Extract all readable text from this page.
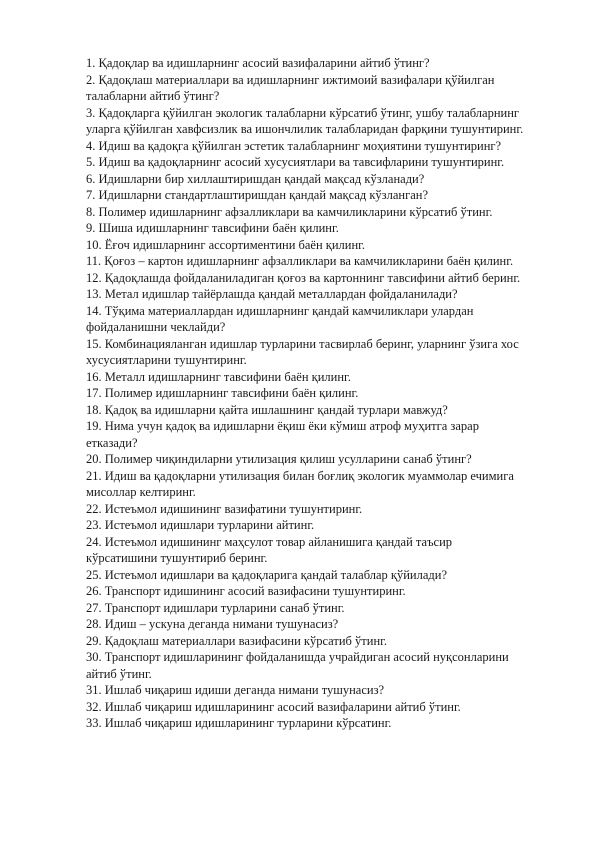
1. Қадоқлар ва идишларнинг асосий вазифаларини айтиб ўтинг?
2. Қадоқлаш материаллари ва идишларнинг ижтимоий вазифалари қўйилган талабларни айтиб ўтинг?
3. Қадоқларга қўйилган экологик талабларни кўрсатиб ўтинг, ушбу талабларнинг уларга қўйилган хавфсизлик ва ишончлилик талабларидан фарқини тушунтиринг.
4. Идиш ва қадоқга қўйилган эстетик талабларнинг моҳиятини тушунтиринг?
5. Идиш ва қадоқларнинг асосий хусусиятлари ва тавсифларини тушунтиринг.
6. Идишларни бир хиллаштиришдан қандай мақсад кўзланади?
7. Идишларни стандартлаштиришдан қандай мақсад кўзланган?
8. Полимер идишларнинг афзалликлари ва камчиликларини кўрсатиб ўтинг.
9. Шиша идишларнинг тавсифини баён қилинг.
10. Ёғоч идишларнинг ассортиментини баён қилинг.
11. Қоғоз – картон идишларнинг афзалликлари ва камчиликларини баён қилинг.
12. Қадоқлашда фойдаланиладиган қоғоз ва картоннинг тавсифини айтиб беринг.
13. Метал идишлар тайёрлашда қандай металлардан фойдаланилади?
14. Тўқима материаллардан идишларнинг қандай камчиликлари улардан фойдаланишни чеклайди?
15. Комбинацияланган идишлар турларини тасвирлаб беринг, уларнинг ўзига хос хусусиятларини тушунтиринг.
16. Металл идишларнинг тавсифини баён қилинг.
17. Полимер идишларнинг тавсифини баён қилинг.
18. Қадоқ ва идишларни қайта ишлашнинг қандай турлари мавжуд?
19. Нима учун қадоқ ва идишларни ёқиш ёки кўмиш атроф муҳитга зарар етказади?
20. Полимер чиқиндиларни утилизация қилиш усулларини санаб ўтинг?
21. Идиш ва қадоқларни утилизация билан боғлиқ экологик муаммолар ечимига мисоллар келтиринг.
22. Истеъмол идишининг вазифатини тушунтиринг.
23. Истеъмол идишлари турларини айтинг.
24. Истеъмол идишининг маҳсулот товар айланишига қандай таъсир кўрсатишини тушунтириб беринг.
25. Истеъмол идишлари ва қадоқларига қандай талаблар қўйилади?
26. Транспорт идишининг асосий вазифасини тушунтиринг.
27. Транспорт идишлари турларини санаб ўтинг.
28. Идиш – ускуна деганда нимани тушунасиз?
29. Қадоқлаш материаллари вазифасини кўрсатиб ўтинг.
30. Транспорт идишларининг фойдаланишда учрайдиган асосий нуқсонларини айтиб ўтинг.
31. Ишлаб чиқариш идиши деганда нимани тушунасиз?
32. Ишлаб чиқариш идишларининг асосий вазифаларини айтиб ўтинг.
33. Ишлаб чиқариш идишларининг турларини кўрсатинг.
